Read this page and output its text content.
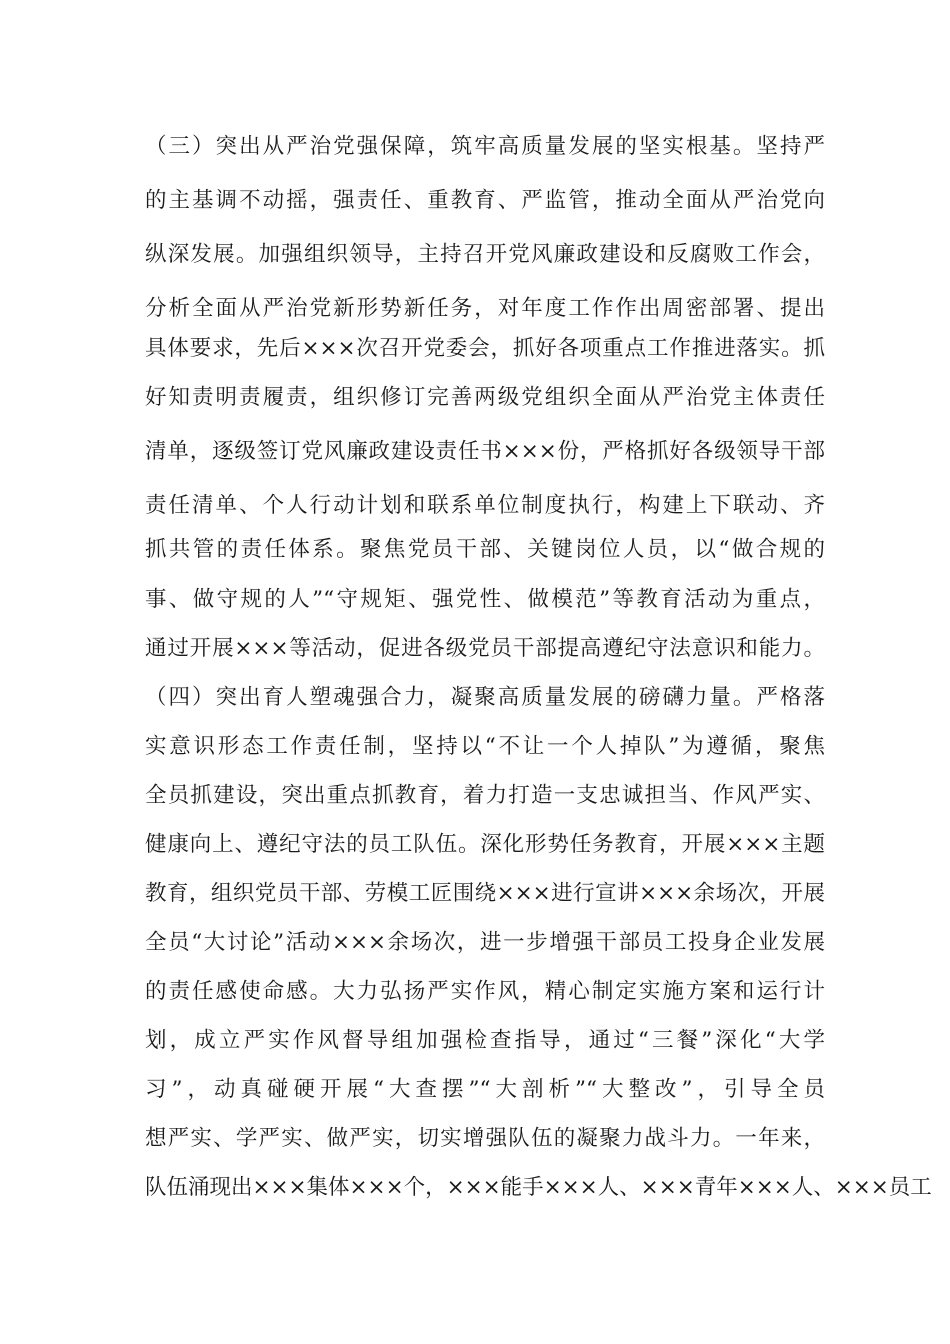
（三）突出从严治党强保障，筑牢高质量发展的坚实根基。坚持严
的主基调不动摇，强责任、重教育、严监管，推动全面从严治党向
纵深发展。加强组织领导，主持召开党风廉政建设和反腐败工作会，
分析全面从严治党新形势新任务，对年度工作作出周密部署、提出
具体要求，先后×××次召开党委会，抓好各项重点工作推进落实。抓
好知责明责履责，组织修订完善两级党组织全面从严治党主体责任
清单，逐级签订党风廉政建设责任书×××份，严格抓好各级领导干部
责任清单、个人行动计划和联系单位制度执行，构建上下联动、齐
抓共管的责任体系。聚焦党员干部、关键岗位人员，以“做合规的
事、做守规的人”“守规矩、强党性、做模范”等教育活动为重点，
通过开展×××等活动，促进各级党员干部提高遵纪守法意识和能力。
（四）突出育人塑魂强合力，凝聚高质量发展的磅礴力量。严格落
实意识形态工作责任制，坚持以“不让一个人掉队”为遵循，聚焦
全员抓建设，突出重点抓教育，着力打造一支忠诚担当、作风严实、
健康向上、遵纪守法的员工队伍。深化形势任务教育，开展×××主题
教育，组织党员干部、劳模工匠围绕×××进行宣讲×××余场次，开展
全员“大讨论”活动×××余场次，进一步增强干部员工投身企业发展
的责任感使命感。大力弘扬严实作风，精心制定实施方案和运行计
划，成立严实作风督导组加强检查指导，通过“三餐”深化“大学
习”，动真碰硬开展“大查摆”“大剖析”“大整改”，引导全员
想严实、学严实、做严实，切实增强队伍的凝聚力战斗力。一年来，
队伍涌现出×××集体×××个，×××能手×××人、×××青年×××人、×××员工
